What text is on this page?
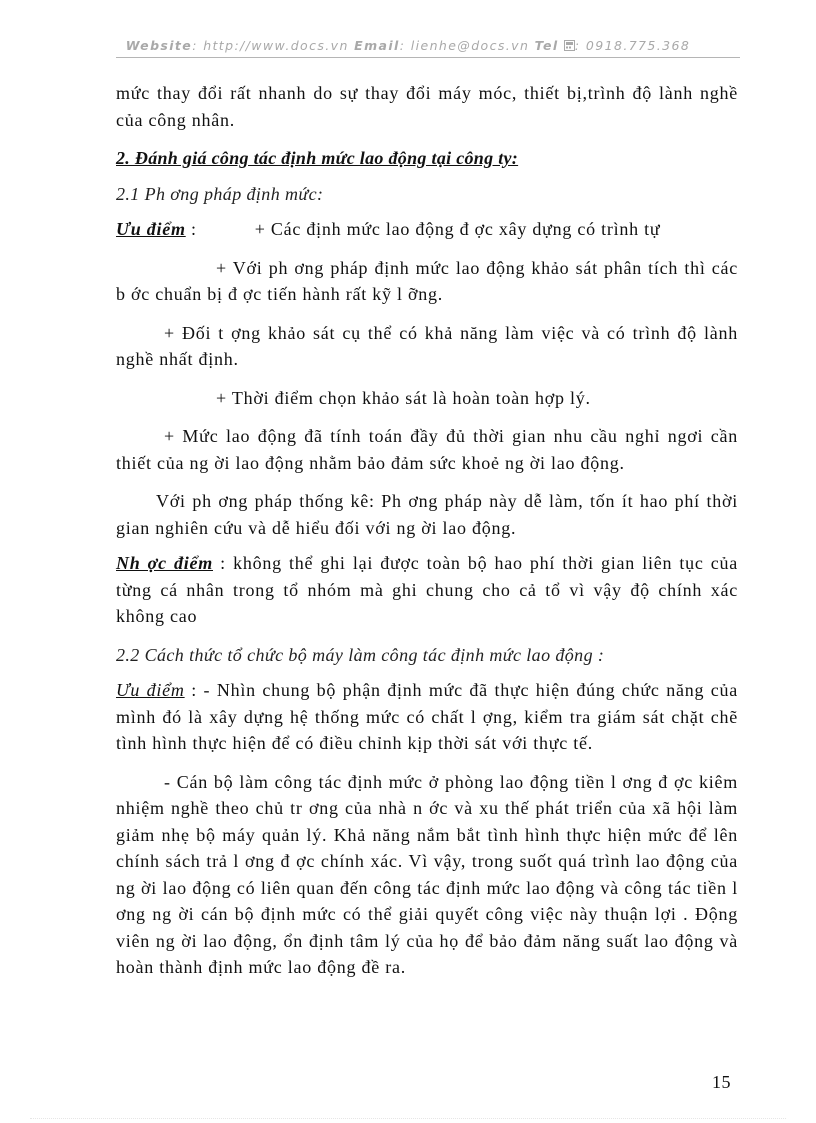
Website: http://www.docs.vn Email: lienhe@docs.vn Tel : 0918.775.368

mức thay đổi rất nhanh do sự thay đổi máy móc, thiết bị,trình độ lành nghề của công nhân.

2. Đánh giá công tác định mức lao động tại công ty:

2.1 Ph ơng pháp định mức:

Ưu điểm :	+ Các định mức lao động đ ợc xây dựng có trình tự

+ Với ph ơng pháp định mức lao động khảo sát phân tích thì các b ớc chuẩn bị đ ợc tiến hành rất kỹ l ỡng.

+ Đối t ợng khảo sát cụ thể có khả năng làm việc và có trình độ lành nghề nhất định.

+ Thời điểm chọn khảo sát là hoàn toàn hợp lý.

+ Mức lao động đã tính toán đầy đủ thời gian nhu cầu nghỉ ngơi cần thiết của ng ời lao động nhằm bảo đảm sức khoẻ ng ời lao động.

Với ph ơng pháp thống kê: Ph ơng pháp này dễ làm, tốn ít hao phí thời gian nghiên cứu và dễ hiểu đối với ng ời lao động.

Nh ợc điểm : không thể ghi lại được toàn bộ hao phí thời gian liên tục của từng cá nhân trong tổ nhóm mà ghi chung cho cả tổ vì vậy độ chính xác không cao

2.2 Cách thức tổ chức bộ máy làm công tác định mức lao động :

Ưu điểm : - Nhìn chung bộ phận định mức đã thực hiện đúng chức năng của mình đó là xây dựng hệ thống mức có chất l ợng, kiểm tra giám sát chặt chẽ tình hình thực hiện để có điều chỉnh kịp thời sát với thực tế.

- Cán bộ làm công tác định mức ở phòng lao động tiền l ơng đ ợc kiêm nhiệm nghề theo chủ tr ơng của nhà n ớc và xu thế phát triển của xã hội làm giảm nhẹ bộ máy quản lý. Khả năng nắm bắt tình hình thực hiện mức để lên chính sách trả l ơng đ ợc chính xác. Vì vậy, trong suốt quá trình lao động của ng ời lao động có liên quan đến công tác định mức lao động và công tác tiền l ơng ng ời cán bộ định mức có thể giải quyết công việc này thuận lợi . Động viên ng ời lao động, ổn định tâm lý của họ để bảo đảm năng suất lao động và hoàn thành định mức lao động đề ra.

15
